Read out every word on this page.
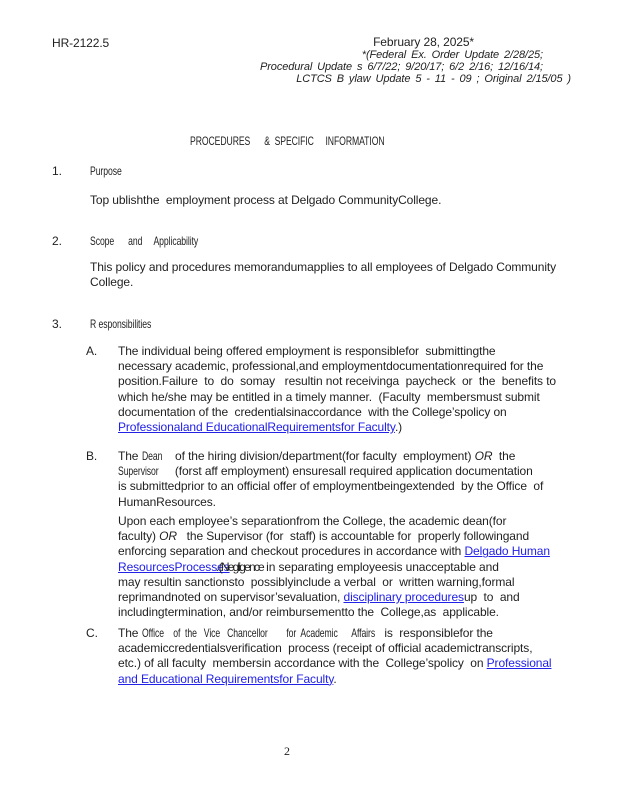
HR-2122.5	February 28, 2025*
*(Federal Ex. Order Update 2/28/25;
Procedural Update s 6/7/22; 9/20/17; 6/2 2/16; 12/16/14;
LCTCS B ylaw Update 5 - 11 - 09 ; Original 2/15/05 )
PROCEDURES      &  SPECIFIC     INFORMATION
1. Purpose
Top ublishthe  employment process at Delgado CommunityCollege.
2. Scope      and     Applicability
This policy and procedures memorandumapplies to all employees of Delgado Community
College.
3. R esponsibilities
A. The individual being offered employment is responsiblefor  submittingthe
necessary academic, professional,and employmentdocumentationrequired for the
position.Failure  to  do  somay   resultin not receivinga  paycheck  or  the  benefits to
which he/she may be entitled in a timely manner.  (Faculty  membersmust submit
documentation of the  credentialsinaccordance  with the College’spolicy on
Professionaland EducationalRequirementsfor Faculty.)
B. The Dean    of the hiring division/department(for faculty  employment) OR  the
Supervisor     (forst aff employment) ensuresall required application documentation
is submittedprior to an official offer of employmentbeingextended  by the Office  of
HumanResources.
Upon each employee’s separationfrom the College, the academic dean(for
faculty) OR   the Supervisor (for  staff) is accountable for  properly followingand
enforcing separation and checkout procedures in accordance with Delgado Human
ResourcesProcesses. (Negligence in separating employeesis unacceptable and
may resultin sanctionsto  possiblyinclude a verbal  or  written warning,formal
reprimandnoted on supervisor’sevaluation, disciplinary proceduresup  to  and
includingtermination, and/or reimbursementto the  College,as  applicable.
C. The Office    of  the   Vice   Chancellor        for  Academic      Affairs   is  responsiblefor the
academiccredentialsverification  process (receipt of official academictranscripts,
etc.) of all faculty  membersin accordance with the  College’spolicy  on Professional
and Educational Requirementsfor Faculty.
2
